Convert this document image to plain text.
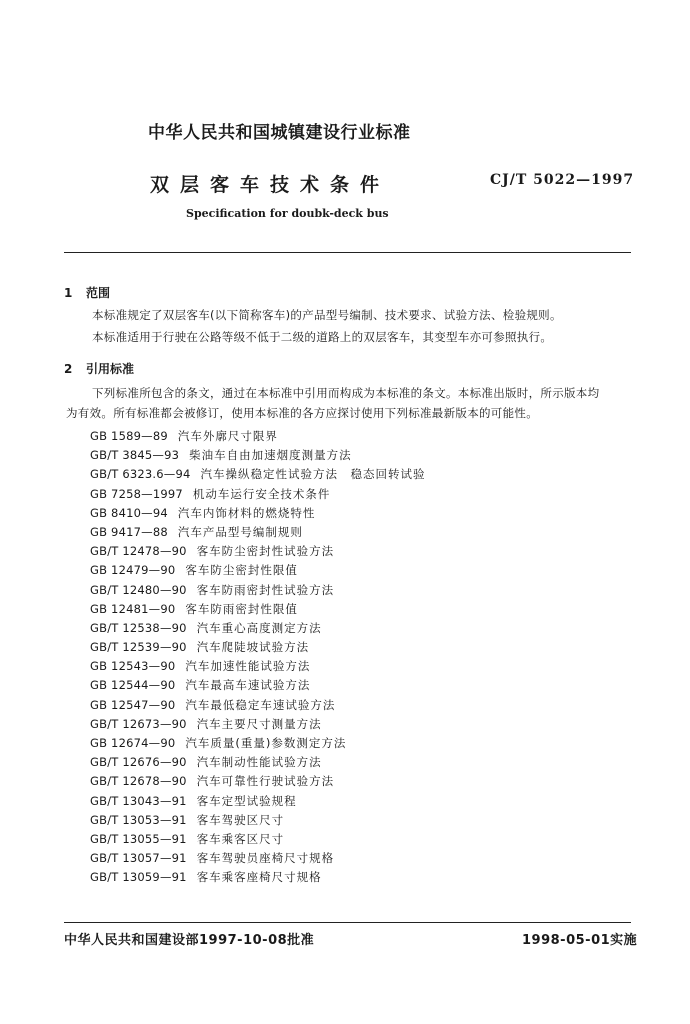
中华人民共和国城镇建设行业标准
双层客车技术条件	CJ/T 5022—1997
Specification for doubk-deck bus
1 范围
本标准规定了双层客车(以下简称客车)的产品型号编制、技术要求、试验方法、检验规则。
本标准适用于行驶在公路等级不低于二级的道路上的双层客车，其变型车亦可参照执行。
2 引用标准
下列标准所包含的条文，通过在本标准中引用而构成为本标准的条文。本标准出版时，所示版本均
为有效。所有标准都会被修订，使用本标准的各方应探讨使用下列标准最新版本的可能性。
GB 1589—89 汽车外廓尺寸限界
GB/T 3845—93 柴油车自由加速烟度测量方法
GB/T 6323.6—94 汽车操纵稳定性试验方法　稳态回转试验
GB 7258—1997 机动车运行安全技术条件
GB 8410—94 汽车内饰材料的燃烧特性
GB 9417—88 汽车产品型号编制规则
GB/T 12478—90 客车防尘密封性试验方法
GB 12479—90 客车防尘密封性限值
GB/T 12480—90 客车防雨密封性试验方法
GB 12481—90 客车防雨密封性限值
GB/T 12538—90 汽车重心高度测定方法
GB/T 12539—90 汽车爬陡坡试验方法
GB 12543—90 汽车加速性能试验方法
GB 12544—90 汽车最高车速试验方法
GB 12547—90 汽车最低稳定车速试验方法
GB/T 12673—90 汽车主要尺寸测量方法
GB 12674—90 汽车质量(重量)参数测定方法
GB/T 12676—90 汽车制动性能试验方法
GB/T 12678—90 汽车可靠性行驶试验方法
GB/T 13043—91 客车定型试验规程
GB/T 13053—91 客车驾驶区尺寸
GB/T 13055—91 客车乘客区尺寸
GB/T 13057—91 客车驾驶员座椅尺寸规格
GB/T 13059—91 客车乘客座椅尺寸规格
中华人民共和国建设部1997-10-08批准	1998-05-01实施
